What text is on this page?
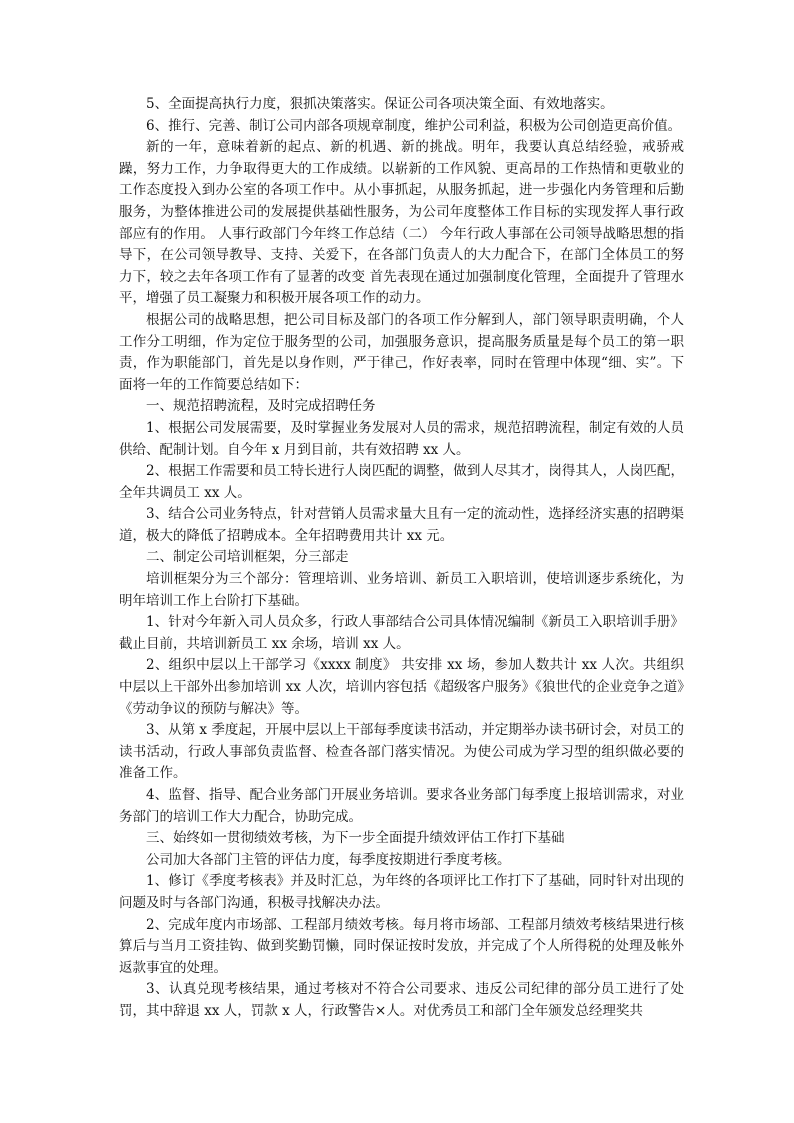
5、全面提高执行力度，狠抓决策落实。保证公司各项决策全面、有效地落实。

6、推行、完善、制订公司内部各项规章制度，维护公司利益，积极为公司创造更高价值。

新的一年，意味着新的起点、新的机遇、新的挑战。明年，我要认真总结经验，戒骄戒躁，努力工作，力争取得更大的工作成绩。以崭新的工作风貌、更高昂的工作热情和更敬业的工作态度投入到办公室的各项工作中。从小事抓起，从服务抓起，进一步强化内务管理和后勤服务，为整体推进公司的发展提供基础性服务，为公司年度整体工作目标的实现发挥人事行政部应有的作用。 人事行政部门今年终工作总结（二） 今年行政人事部在公司领导战略思想的指导下，在公司领导教导、支持、关爱下，在各部门负责人的大力配合下，在部门全体员工的努力下，较之去年各项工作有了显著的改变 首先表现在通过加强制度化管理，全面提升了管理水平，增强了员工凝聚力和积极开展各项工作的动力。

根据公司的战略思想，把公司目标及部门的各项工作分解到人，部门领导职责明确，个人工作分工明细，作为定位于服务型的公司，加强服务意识，提高服务质量是每个员工的第一职责，作为职能部门，首先是以身作则，严于律己，作好表率，同时在管理中体现“细、实”。下面将一年的工作简要总结如下：

一、规范招聘流程，及时完成招聘任务

1、根据公司发展需要，及时掌握业务发展对人员的需求，规范招聘流程，制定有效的人员供给、配制计划。自今年 x 月到目前，共有效招聘 xx 人。

2、根据工作需要和员工特长进行人岗匹配的调整，做到人尽其才，岗得其人，人岗匹配，全年共调员工 xx 人。

3、结合公司业务特点，针对营销人员需求量大且有一定的流动性，选择经济实惠的招聘渠道，极大的降低了招聘成本。全年招聘费用共计 xx 元。

二、制定公司培训框架，分三部走

培训框架分为三个部分：管理培训、业务培训、新员工入职培训，使培训逐步系统化，为明年培训工作上台阶打下基础。

1、针对今年新入司人员众多，行政人事部结合公司具体情况编制《新员工入职培训手册》 截止目前，共培训新员工 xx 余场，培训 xx 人。

2、组织中层以上干部学习《xxxx 制度》 共安排 xx 场，参加人数共计 xx 人次。共组织中层以上干部外出参加培训 xx 人次，培训内容包括《超级客户服务》《狼世代的企业竞争之道》《劳动争议的预防与解决》等。

3、从第 x 季度起，开展中层以上干部每季度读书活动，并定期举办读书研讨会，对员工的读书活动，行政人事部负责监督、检查各部门落实情况。为使公司成为学习型的组织做必要的准备工作。

4、监督、指导、配合业务部门开展业务培训。要求各业务部门每季度上报培训需求，对业务部门的培训工作大力配合，协助完成。

三、始终如一贯彻绩效考核，为下一步全面提升绩效评估工作打下基础

公司加大各部门主管的评估力度，每季度按期进行季度考核。

1、修订《季度考核表》并及时汇总，为年终的各项评比工作打下了基础，同时针对出现的问题及时与各部门沟通，积极寻找解决办法。

2、完成年度内市场部、工程部月绩效考核。每月将市场部、工程部月绩效考核结果进行核算后与当月工资挂钩、做到奖勤罚懒，同时保证按时发放，并完成了个人所得税的处理及帐外返款事宜的处理。

3、认真兑现考核结果，通过考核对不符合公司要求、违反公司纪律的部分员工进行了处罚，其中辞退 xx 人，罚款 x 人，行政警告×人。对优秀员工和部门全年颁发总经理奖共
